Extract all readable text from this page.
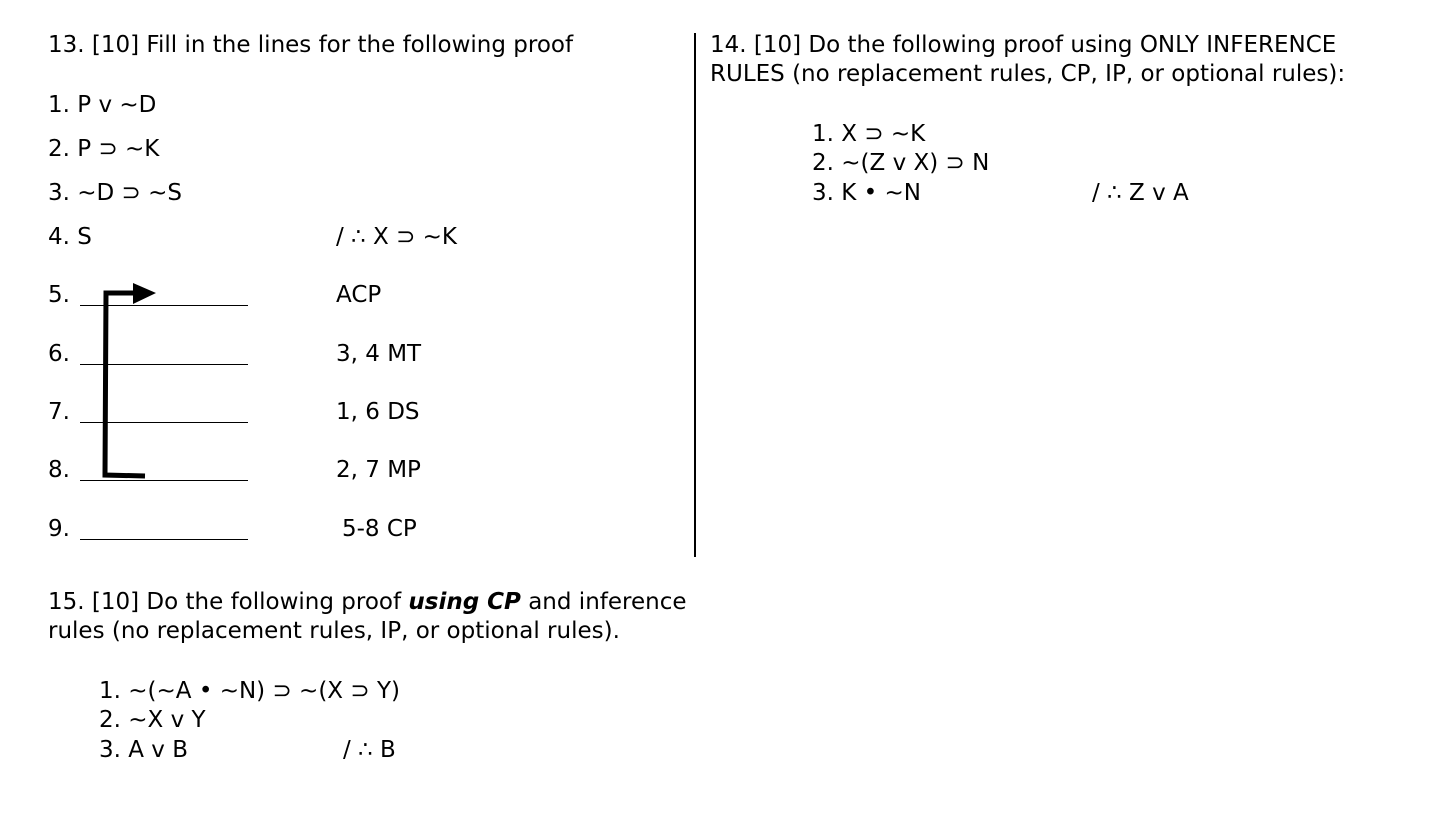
13. [10] Fill in the lines for the following proof
1. P v ~D
2. P ⊃ ~K
3. ~D ⊃ ~S
4. S	/ ∴ X ⊃ ~K
5.	ACP
6.	3, 4 MT
7.	1, 6 DS
8.	2, 7 MP
9.	5-8 CP
14. [10] Do the following proof using ONLY INFERENCE
RULES (no replacement rules, CP, IP, or optional rules):
1. X ⊃ ~K
2. ~(Z v X) ⊃ N
3. K • ~N	/ ∴ Z v A
15. [10] Do the following proof using CP and inference
rules (no replacement rules, IP, or optional rules).
1. ~(~A • ~N) ⊃ ~(X ⊃ Y)
2. ~X v Y
3. A v B	/ ∴ B
